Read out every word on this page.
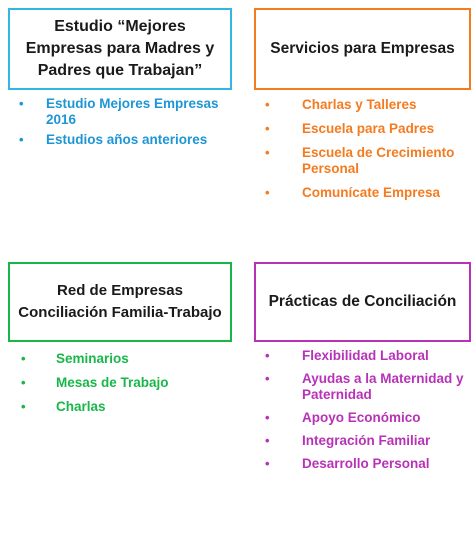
Estudio “Mejores Empresas para Madres y Padres que Trabajan”
Servicios para Empresas
Red de Empresas Conciliación Familia-Trabajo
Prácticas de Conciliación
• Estudio Mejores Empresas 2016
• Estudios años anteriores
• Charlas y Talleres
• Escuela para Padres
• Escuela de Crecimiento Personal
• Comunícate Empresa
• Seminarios
• Mesas de Trabajo
• Charlas
• Flexibilidad Laboral
• Ayudas a la Maternidad y Paternidad
• Apoyo Económico
• Integración Familiar
• Desarrollo Personal
